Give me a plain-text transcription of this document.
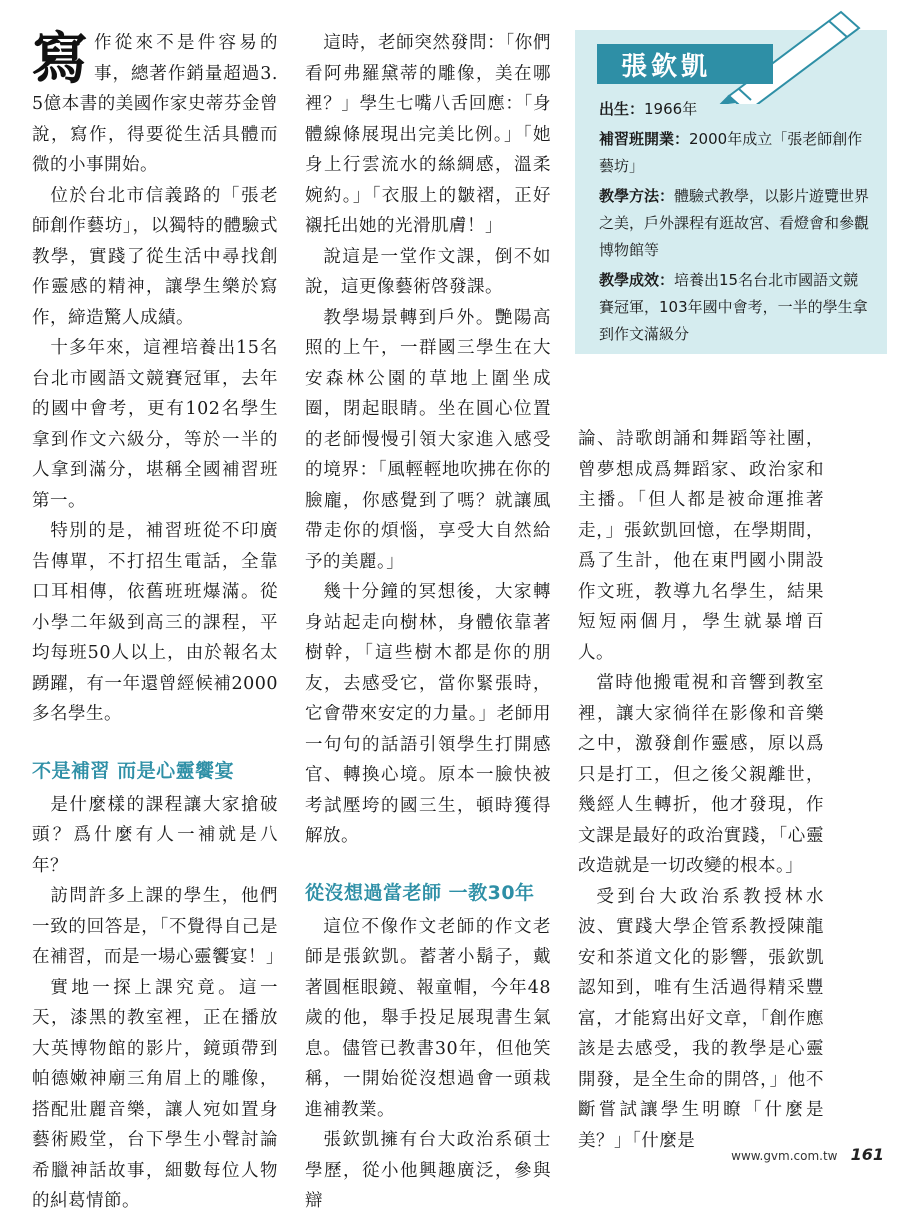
寫作從來不是件容易的事，總著作銷量超過3.5億本書的美國作家史蒂芬金曾說，寫作，得要從生活具體而微的小事開始。

位於台北市信義路的「張老師創作藝坊」，以獨特的體驗式教學，實踐了從生活中尋找創作靈感的精神，讓學生樂於寫作，締造驚人成績。

十多年來，這裡培養出15名台北市國語文競賽冠軍，去年的國中會考，更有102名學生拿到作文六級分，等於一半的人拿到滿分，堪稱全國補習班第一。

特別的是，補習班從不印廣告傳單，不打招生電話，全靠口耳相傳，依舊班班爆滿。從小學二年級到高三的課程，平均每班50人以上，由於報名太踴躍，有一年還曾經候補2000多名學生。

不是補習 而是心靈饗宴

是什麼樣的課程讓大家搶破頭？爲什麼有人一補就是八年？

訪問許多上課的學生，他們一致的回答是，「不覺得自己是在補習，而是一場心靈饗宴！」

實地一探上課究竟。這一天，漆黑的教室裡，正在播放大英博物館的影片，鏡頭帶到帕德嫩神廟三角眉上的雕像，搭配壯麗音樂，讓人宛如置身藝術殿堂，台下學生小聲討論希臘神話故事，細數每位人物的糾葛情節。

這時，老師突然發問：「你們看阿弗羅黛蒂的雕像，美在哪裡？」學生七嘴八舌回應：「身體線條展現出完美比例。」「她身上行雲流水的絲綢感，溫柔婉約。」「衣服上的皺褶，正好襯托出她的光滑肌膚！」

說這是一堂作文課，倒不如說，這更像藝術啓發課。

教學場景轉到戶外。艷陽高照的上午，一群國三學生在大安森林公園的草地上圍坐成圈，閉起眼睛。坐在圓心位置的老師慢慢引領大家進入感受的境界：「風輕輕地吹拂在你的臉龐，你感覺到了嗎？就讓風帶走你的煩惱，享受大自然給予的美麗。」

幾十分鐘的冥想後，大家轉身站起走向樹林，身體依靠著樹幹，「這些樹木都是你的朋友，去感受它，當你緊張時，它會帶來安定的力量。」老師用一句句的話語引領學生打開感官、轉換心境。原本一臉快被考試壓垮的國三生，頓時獲得解放。

從沒想過當老師 一教30年

這位不像作文老師的作文老師是張欽凱。蓄著小鬍子，戴著圓框眼鏡、報童帽，今年48歲的他，舉手投足展現書生氣息。儘管已教書30年，但他笑稱，一開始從沒想過會一頭栽進補教業。

張欽凱擁有台大政治系碩士學歷，從小他興趣廣泛，參與辯

張欽凱
出生：1966年
補習班開業：2000年成立「張老師創作藝坊」
教學方法：體驗式教學，以影片遊覽世界之美，戶外課程有逛故宮、看燈會和參觀博物館等
教學成效：培養出15名台北市國語文競賽冠軍，103年國中會考，一半的學生拿到作文滿級分

論、詩歌朗誦和舞蹈等社團，曾夢想成爲舞蹈家、政治家和主播。「但人都是被命運推著走，」張欽凱回憶，在學期間，爲了生計，他在東門國小開設作文班，教導九名學生，結果短短兩個月，學生就暴增百人。

當時他搬電視和音響到教室裡，讓大家徜徉在影像和音樂之中，激發創作靈感，原以爲只是打工，但之後父親離世，幾經人生轉折，他才發現，作文課是最好的政治實踐，「心靈改造就是一切改變的根本。」

受到台大政治系教授林水波、實踐大學企管系教授陳龍安和茶道文化的影響，張欽凱認知到，唯有生活過得精采豐富，才能寫出好文章，「創作應該是去感受，我的教學是心靈開發，是全生命的開啓，」他不斷嘗試讓學生明瞭「什麼是美？」「什麼是

www.gvm.com.tw 161
